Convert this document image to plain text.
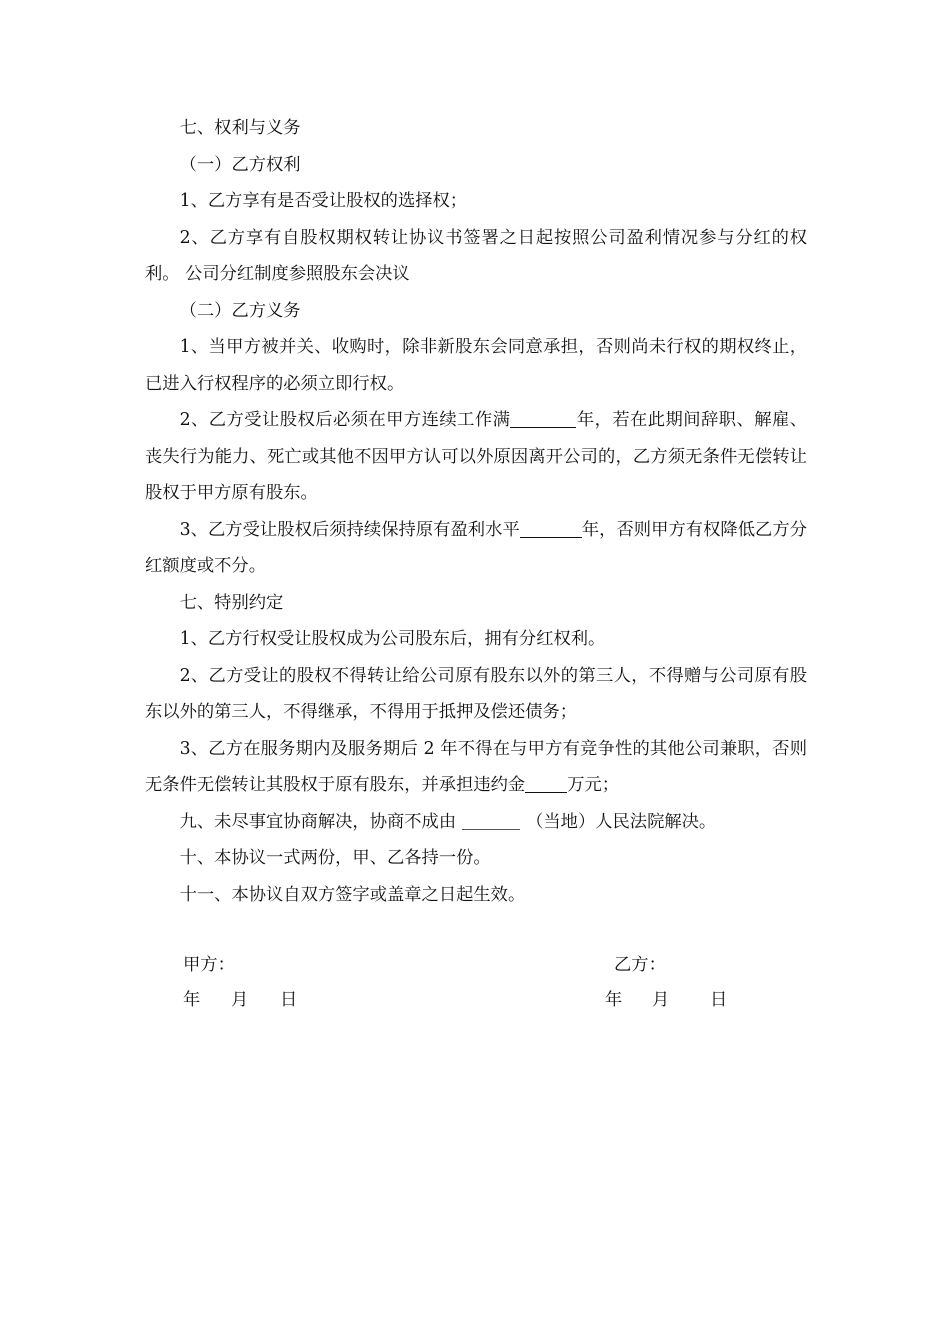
七、权利与义务

（一）乙方权利

1、乙方享有是否受让股权的选择权；

2、乙方享有自股权期权转让协议书签署之日起按照公司盈利情况参与分红的权利。 公司分红制度参照股东会决议

（二）乙方义务

1、当甲方被并关、收购时，除非新股东会同意承担，否则尚未行权的期权终止，已进入行权程序的必须立即行权。

2、乙方受让股权后必须在甲方连续工作满	年，若在此期间辞职、解雇、丧失行为能力、死亡或其他不因甲方认可以外原因离开公司的，乙方须无条件无偿转让股权于甲方原有股东。

3、乙方受让股权后须持续保持原有盈利水平	年，否则甲方有权降低乙方分红额度或不分。

七、特别约定

1、乙方行权受让股权成为公司股东后，拥有分红权利。

2、乙方受让的股权不得转让给公司原有股东以外的第三人，不得赠与公司原有股东以外的第三人，不得继承，不得用于抵押及偿还债务；

3、乙方在服务期内及服务期后 2 年不得在与甲方有竞争性的其他公司兼职，否则无条件无偿转让其股权于原有股东，并承担违约金 万元；

九、未尽事宜协商解决，协商不成由	（当地）人民法院解决。

十、本协议一式两份，甲、乙各持一份。

十一、本协议自双方签字或盖章之日起生效。

甲方：	乙方：
年 月 日	年 月 日
